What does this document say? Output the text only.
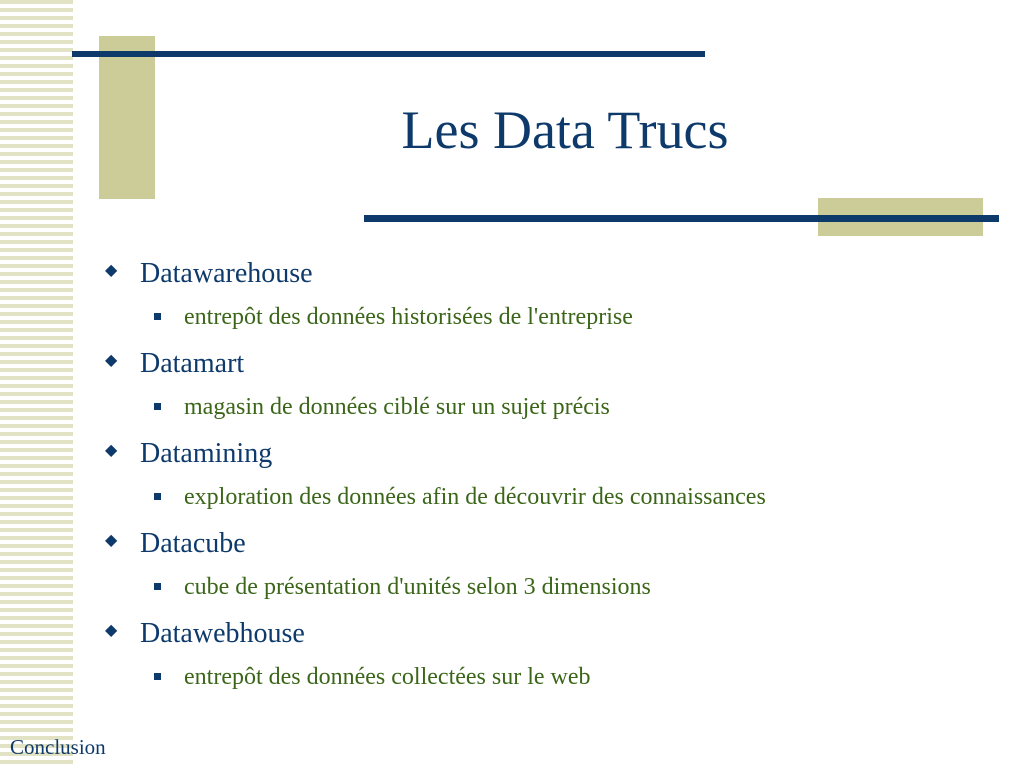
Les Data Trucs
◆ Datawarehouse
entrepôt des données historisées de l'entreprise
◆ Datamart
magasin de données ciblé sur un sujet précis
◆ Datamining
exploration des données afin de découvrir des connaissances
◆ Datacube
cube de présentation d'unités selon 3 dimensions
◆ Datawebhouse
entrepôt des données collectées sur le web
Conclusion
